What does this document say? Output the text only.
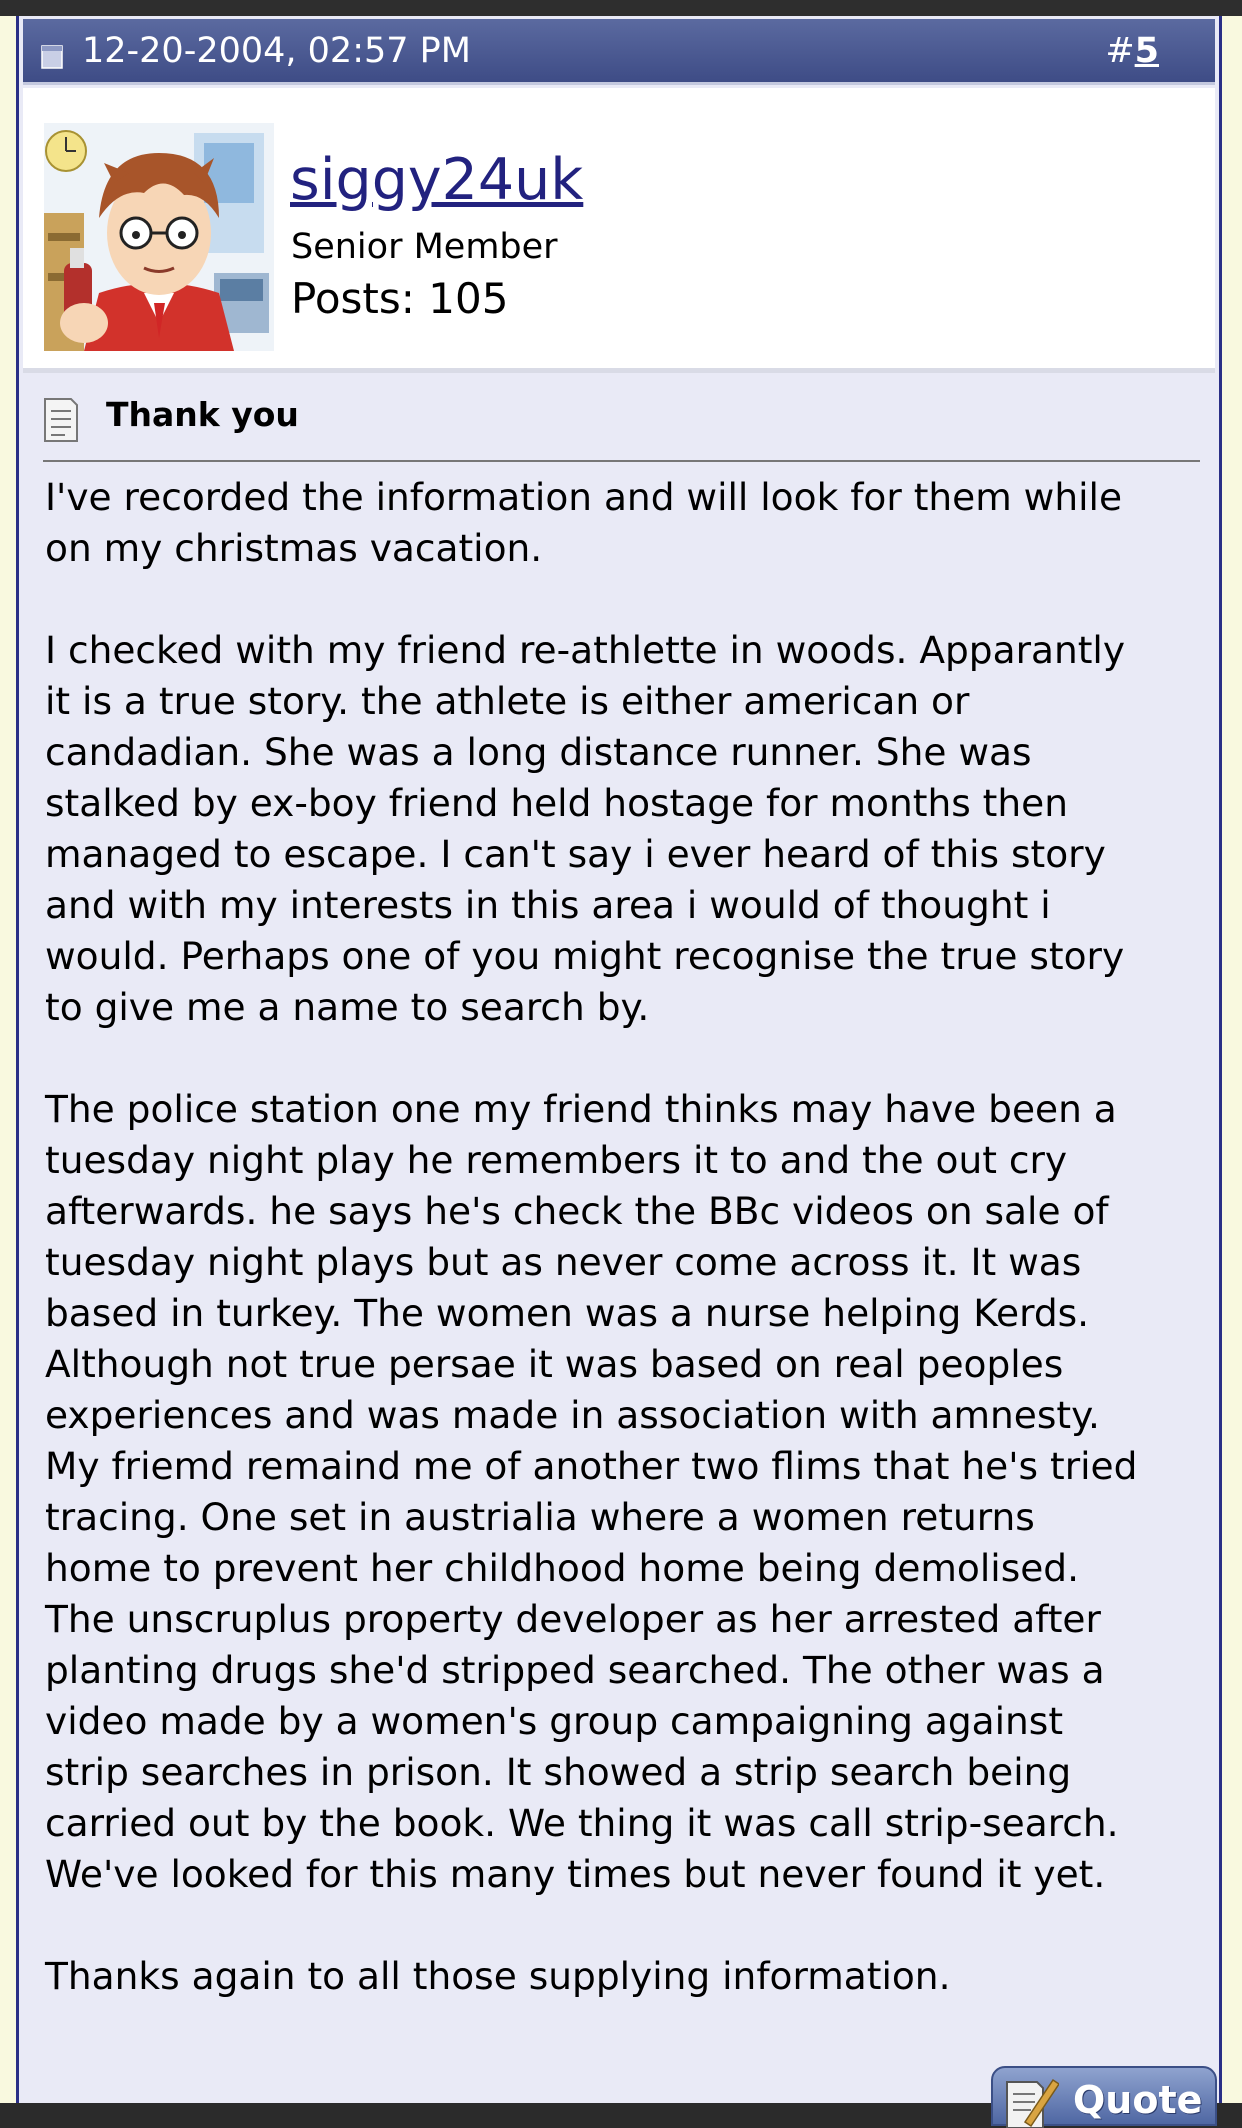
12-20-2004, 02:57 PM	#5
siggy24uk
Senior Member
Posts: 105
Thank you

I've recorded the information and will look for them while
on my christmas vacation.

I checked with my friend re-athlette in woods. Apparantly
it is a true story. the athlete is either american or
candadian. She was a long distance runner. She was
stalked by ex-boy friend held hostage for months then
managed to escape. I can't say i ever heard of this story
and with my interests in this area i would of thought i
would. Perhaps one of you might recognise the true story
to give me a name to search by.

The police station one my friend thinks may have been a
tuesday night play he remembers it to and the out cry
afterwards. he says he's check the BBc videos on sale of
tuesday night plays but as never come across it. It was
based in turkey. The women was a nurse helping Kerds.
Although not true persae it was based on real peoples
experiences and was made in association with amnesty.
My friemd remaind me of another two flims that he's tried
tracing. One set in austrialia where a women returns
home to prevent her childhood home being demolised.
The unscruplus property developer as her arrested after
planting drugs she'd stripped searched. The other was a
video made by a women's group campaigning against
strip searches in prison. It showed a strip search being
carried out by the book. We thing it was call strip-search.
We've looked for this many times but never found it yet.

Thanks again to all those supplying information.

Quote
